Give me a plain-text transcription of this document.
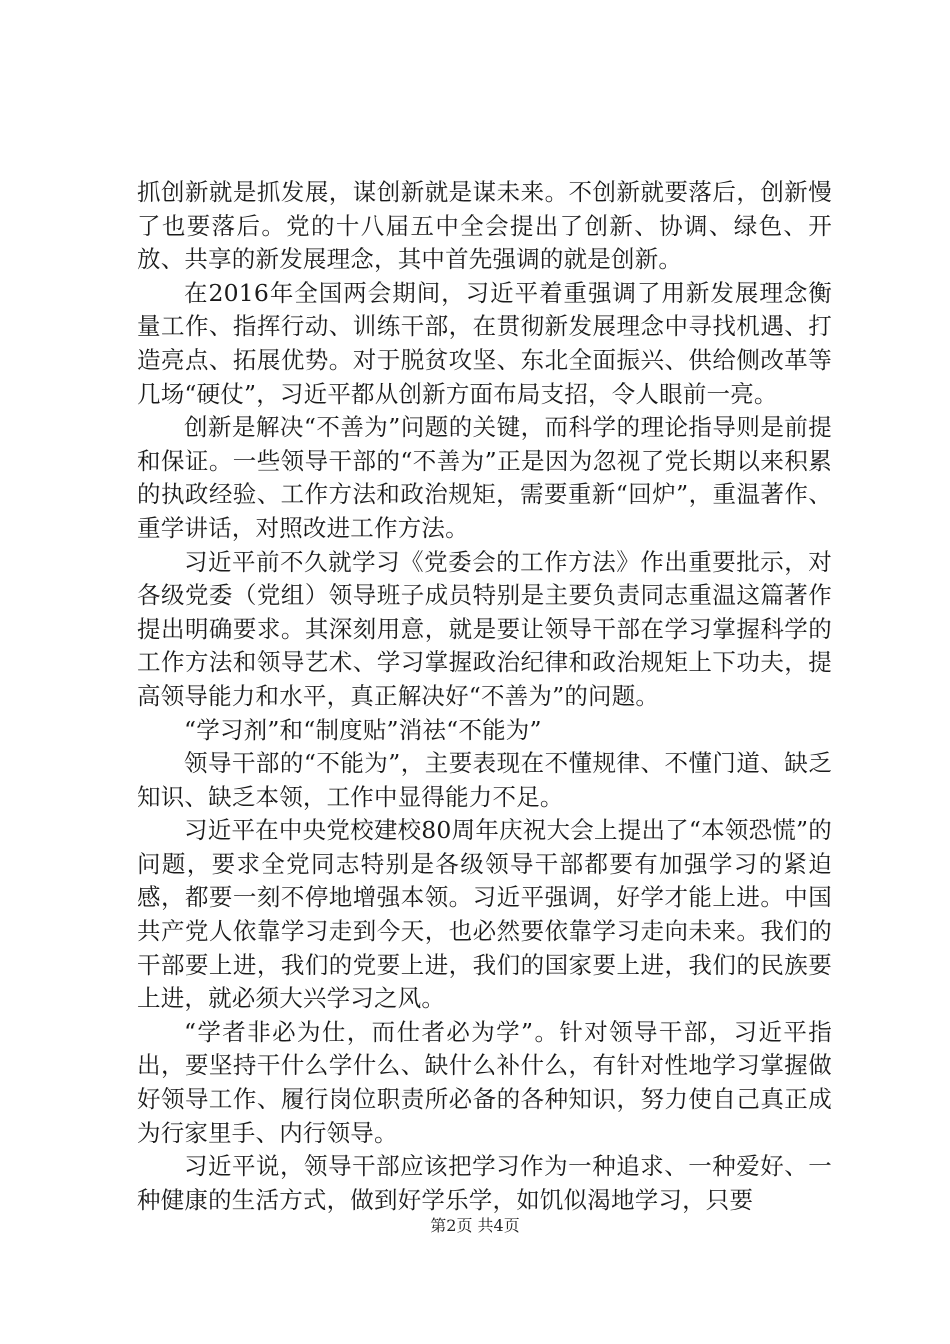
抓创新就是抓发展，谋创新就是谋未来。不创新就要落后，创新慢了也要落后。党的十八届五中全会提出了创新、协调、绿色、开放、共享的新发展理念，其中首先强调的就是创新。

在2016年全国两会期间，习近平着重强调了用新发展理念衡量工作、指挥行动、训练干部，在贯彻新发展理念中寻找机遇、打造亮点、拓展优势。对于脱贫攻坚、东北全面振兴、供给侧改革等几场“硬仗”，习近平都从创新方面布局支招，令人眼前一亮。

创新是解决“不善为”问题的关键，而科学的理论指导则是前提和保证。一些领导干部的“不善为”正是因为忽视了党长期以来积累的执政经验、工作方法和政治规矩，需要重新“回炉”，重温著作、重学讲话，对照改进工作方法。

习近平前不久就学习《党委会的工作方法》作出重要批示，对各级党委（党组）领导班子成员特别是主要负责同志重温这篇著作提出明确要求。其深刻用意，就是要让领导干部在学习掌握科学的工作方法和领导艺术、学习掌握政治纪律和政治规矩上下功夫，提高领导能力和水平，真正解决好“不善为”的问题。

“学习剂”和“制度贴”消祛“不能为”

领导干部的“不能为”，主要表现在不懂规律、不懂门道、缺乏知识、缺乏本领，工作中显得能力不足。

习近平在中央党校建校80周年庆祝大会上提出了“本领恐慌”的问题，要求全党同志特别是各级领导干部都要有加强学习的紧迫感，都要一刻不停地增强本领。习近平强调，好学才能上进。中国共产党人依靠学习走到今天，也必然要依靠学习走向未来。我们的干部要上进，我们的党要上进，我们的国家要上进，我们的民族要上进，就必须大兴学习之风。

“学者非必为仕，而仕者必为学”。针对领导干部，习近平指出，要坚持干什么学什么、缺什么补什么，有针对性地学习掌握做好领导工作、履行岗位职责所必备的各种知识，努力使自己真正成为行家里手、内行领导。

习近平说，领导干部应该把学习作为一种追求、一种爱好、一种健康的生活方式，做到好学乐学，如饥似渴地学习，只要

第2页 共4页
